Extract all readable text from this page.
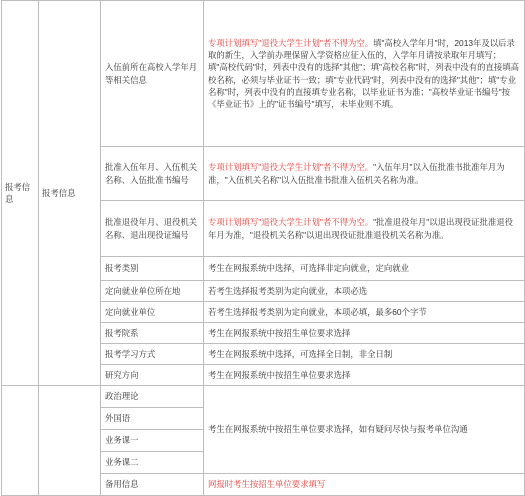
报考信息	报考信息	入伍前所在高校入学年月等相关信息	专项计划填写"退役大学生计划"者不得为空。填"高校入学年月"时，2013年及以后录取的新生，入学前办理保留入学资格应征入伍的，入学年月请按录取年月填写；填"高校代码"时，列表中没有的选择"其他"；填"高校名称"时，列表中没有的直接填高校名称，必须与毕业证书一致；填"专业代码"时，列表中没有的选择"其他"；填"专业名称"时，列表中没有的直接填专业名称，以毕业证书为准；"高校毕业证书编号"按《毕业证书》上的"证书编号"填写，未毕业则不填。
		批准入伍年月、入伍机关名称、入伍批准书编号	专项计划填写"退役大学生计划"者不得为空。"入伍年月"以入伍批准书批准年月为准，"入伍机关名称"以入伍批准书批准入伍机关名称为准。
		批准退役年月、退役机关名称、退出现役证编号	专项计划填写"退役大学生计划"者不得为空。"批准退役年月"以退出现役证批准退役年月为准，"退役机关名称"以退出现役证批准退役机关名称为准。
		报考类别	考生在网报系统中选择，可选择非定向就业，定向就业
		定向就业单位所在地	若考生选择报考类别为定向就业，本项必选
		定向就业单位	若考生选择报考类别为定向就业，本项必填，最多60个字节
		报考院系	考生在网报系统中按招生单位要求选择
		报考学习方式	考生在网报系统中选择，可选择全日制，非全日制
		研究方向	考生在网报系统中按招生单位要求选择
		政治理论	考生在网报系统中按招生单位要求选择，如有疑问尽快与报考单位沟通
		外国语	
		业务课一	
		业务课二	
		备用信息	网报时考生按招生单位要求填写
